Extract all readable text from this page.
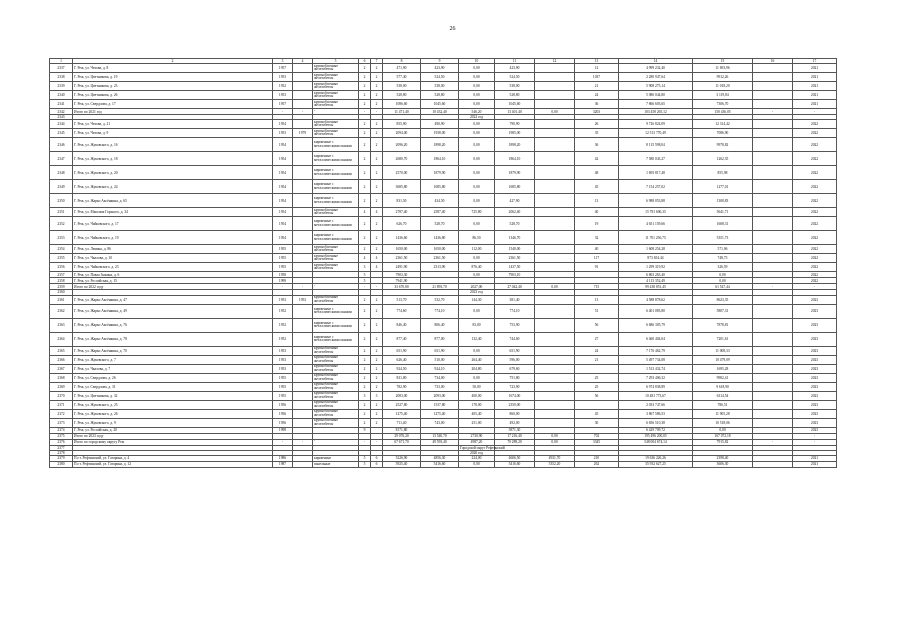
26
1	2	3	4	5	6	7	8	9	10	11	12	13	14	15	16	17
2337	Г. Реж, ул. Чехова, д. 8	1957		крупноблочные железобетон	2	2	471,90	423,90	0,00	423,90		12	4 999 232,40	11 693,96		2021
2338	Г. Реж, ул. Цветникова, д. 19	1953		крупноблочные железобетон	2	2	577,40	524,50	0,00	524,50		1037	2 280 947,64	9912,26		2021
2339	Г. Реж, ул. Цветникова, д. 23	1952		крупноблочные железобетон	2	2	538,00	538,00	0,00	538,00		21	5 908 275,14	11 018,20		2021
2340	Г. Реж, ул. Цветникова, д. 26	1953		крупноблочные железобетон	2	2	528,80	528,80	0,00	528,80		24	5 086 044,80	3 119,84		2021
2341	Г. Реж, ул. Свердлова, д. 17	1957		крупноблочные железобетон	2	2	1086,60	1045,60	0,00	1045,60		36	7 866 603,65	7306,70		2021
2342	Итого по 2021 год	-	-	-	-	-	11 471,40	10 432,40	546,20	13 401,40	0,00	3203	103 458 265,12	150 436,05	-	-
2343									2022 год							
2344	Г. Реж, ул. Чехова, д. 21	1954		крупноблочные железобетон	2	2	855,90	490,90	0,00	790,90		26	9 726 824,09	12 314,42		2022
2345	Г. Реж, ул. Чехова, д. 9	1953	1979	крупноблочные железобетон	2	2	2094,00	1938,00	0,00	1985,00		35	12 513 770,49	7086,90		2022
2346	Г. Реж, ул. Жуковского, д. 16	1954		кирпичные с металлическими окнами	2	2	2096,20	1898,20	0,00	1898,20		36	8 115 598,04	9978,82		2022
2347	Г. Реж, ул. Жуковского, д. 18	1954		кирпичные с металлическими окнами	2	2	2680,70	1864,10	0,00	1864,10		42	7 580 043,27	1262,35		2022
2348	Г. Реж, ул. Жуковского, д. 20	1954		кирпичные с металлическими окнами	2	2	2570,00	1879,90	0,00	1879,90		48	1 695 817,48	855,98		2022
2349	Г. Реж, ул. Жуковского, д. 24	1954		кирпичные с металлическими окнами	2	2	3685,80	1685,80	0,00	1685,80		45	7 154 257,02	1277,01		2022
2350	Г. Реж, ул. Жарко Аксёнкина, д. 65	1954		кирпичные с металлическими окнами	2	2	831,50	434,50	0,00	427,90		13	6 988 053,88	1308,83		2022
2351	Г. Реж, ул. Максима Горького, д. 34	1954		крупноблочные железобетон	4	4	2787,40	2587,40	725,80	2062,40		40	15 781 606,35	5641,71		2022
2352	Г. Реж, ул. Чайковского, д. 17	1954		кирпичные с металлическими окнами	2	2	626,70	528,70	0,00	528,70		19	4 651 159,66	1608,31		2022
2353	Г. Реж, ул. Чайковского, д. 19	1954		кирпичные с металлическими окнами	2	2	1436,60	1436,80	86,50	1346,70		32	11 701 256,75	5351,73		2022
2354	Г. Реж, ул. Ленина, д. 86	1955		крупноблочные железобетон	2	2	1650,00	1650,00	112,00	1540,00		40	1 608 254,28	571,06		2022
2355	Г. Реж, ул. Чкалова, д. 10	1955		крупноблочные железобетон	4	4	2361,50	2361,50	0,00	2361,50		117	873 654,44	748,73		2022
2356	Г. Реж, ул. Чайковского, д. 23	1955		крупноблочные железобетон	3	4	2491,90	2313,90	876,40	1437,50		91	1 299 319,92	326,59		2022
2357	Г. Реж, ул. Павла Зыкина, д. 6	1958			5		7903,30		0,00	7903,10			6 863 263,40	0,00		2022
2358	Г. Реж, ул. Российская, д. 15	1999			5		7941,90						4 113 352,49	0,00		2022
2359	Итого по 2022 году	-	-	-	-	-	33 670,80	21 893,70	2027,00	27 042,40	0,00	715	99 438 851,45	61 547,44	-	-
2360									2023 год							
2361	Г. Реж, ул. Жарко Аксёнкина, д. 47	1953	1953	крупноблочные железобетон	2	2	513,70	532,70	144,30	381,40		13	4 588 878,62	8623,35		2023
2362	Г. Реж, ул. Жарко Аксёнкина, д. 49	1952		кирпичные с металлическими окнами	2	2	774,60	774,10	0,00	774,10		51	6 401 083,80	5807,31		2023
2363	Г. Реж, ул. Жарко Аксёнкина, д. 76	1952		кирпичные с металлическими окнами	2	2	846,40	806,40	83,00	753,90		56	6 686 305,79	7878,81		2023
2364	Г. Реж, ул. Жарко Аксёнкина, д. 78	1952		кирпичные с металлическими окнами	2	2	877,40	877,00	132,40	744,60		27	6 460 404,04	7201,61		2023
2365	Г. Реж, ул. Жарко Аксёнкина, д. 70	1953		крупноблочные железобетон	2	2	651,90	651,90	0,00	651,90		24	7 176 462,79	11 008,33		2023
2366	Г. Реж, ул. Жуковского, д. 7	1953		крупноблочные железобетон	2	2	626,40	510,00	264,40	596,00		21	5 497 734,08	10 479,09		2023
2367	Г. Реж, ул. Чкалова, д. 7	1953		крупноблочные железобетон	2	2	924,50	924,10	204,80	679,60			1 513 432,74	1695,28		2023
2368	Г. Реж, ул. Свердлова, д. 26	1955		крупноблочные железобетон	2	2	831,80	734,00	0,00	751,80		25	7 293 406,32	9982,41		2023
2369	Г. Реж, ул. Свердлова, д. 31	1955		крупноблочные железобетон	2	2	782,90	733,00	50,00	723,90		25	6 974 838,89	9 618,90		2023
2370	Г. Реж, ул. Цветникова, д. 32	1955		крупноблочные железобетон	3	3	2083,00	2093,00	400,00	1674,00		56	10 481 773,67	6314,54		2023
2371	Г. Реж, ул. Жуковского, д. 25	1956		крупноблочные железобетон	2	2	2527,80	1537,80	178,00	2350,00			2 033 747,66	786,51		2023
2372	Г. Реж, ул. Жуковского, д. 26	1956		крупноблочные железобетон	2	2	1275,40	1275,40	405,40	860,00		45	3 867 586,53	11 905,28		2023
2373	Г. Реж, ул. Жуковского, д. 9	1956		крупноблочные железобетон	2	2	711,40	743,00	251,00	492,00		30	6 656 510,38	10 518,06		2023
2374	Г. Реж, ул. Российская, д. 20	1998			9		8171,80			5871,30			6 429 709,72	0,00		2023
2375	Итого по 2023 году						29 076,20	13 540,70	2730,90	17 216,40	0,00	702	195 496 200,05	167 072,18		-
2376	Итого по городскому округу Реж	-	-	-	-	-	67 671,70	49 593,40	4987,20	70 289,20	0,00	3345	548 004 674,14	7915,82	-	-
2377									Городской округ Рефтинский							
2378									2020 год							
2379	П.г.т. Рефтинский, ул. Гагарина, д. 4	1986		кирпичные	5	6	5226,90	4856,30	224,00	4606,50	4931,70	210	19 636 226,26	2398,40		2021
2380	П.г.т. Рефтинский, ул. Гагарина, д. 12	1987		панельные	5	6	5925,40	5416,60	0,00	5416,60	5352,20	262	35 932 627,25	3606,30		2021
